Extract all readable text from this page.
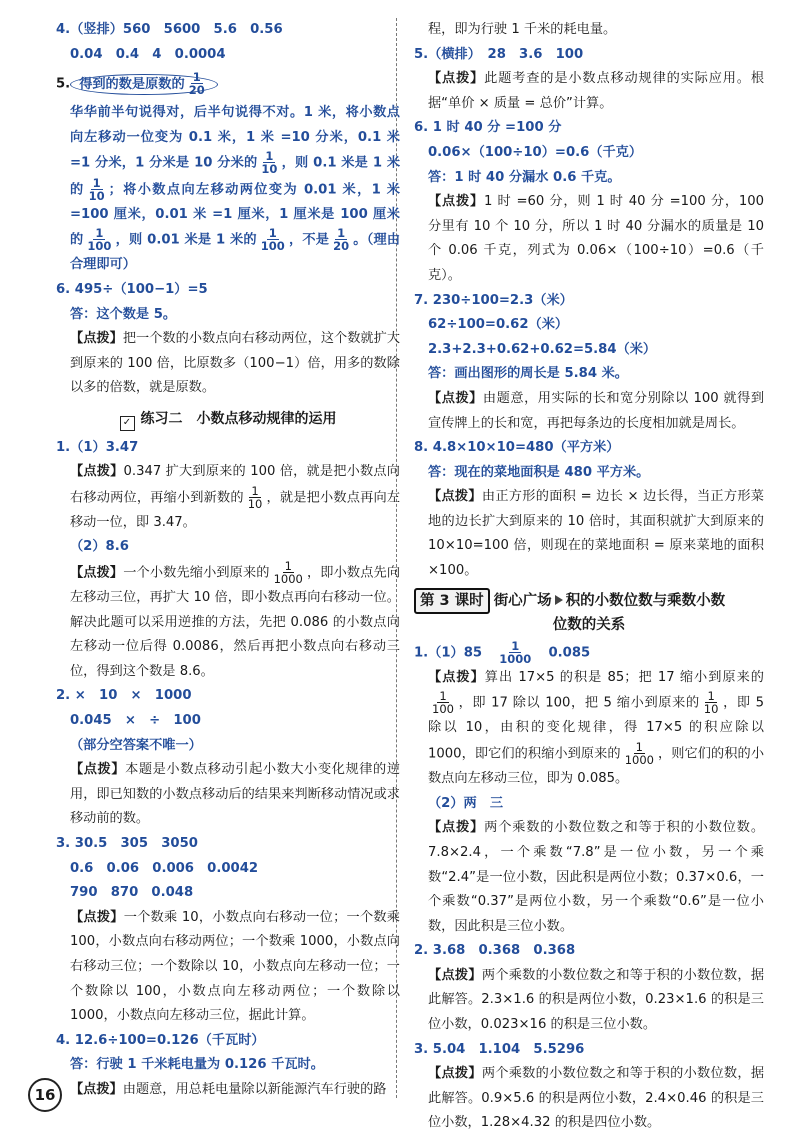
4.（竖排）560　5600　5.6　0.56

0.04　0.4　4　0.0004

5. 得到的数是原数的 $\frac{1}{20}$

华华前半句说得对，后半句说得不对。1 米，将小数点向左移动一位变为 0.1 米，1 米 =10 分米，0.1 米 =1 分米，1 分米是 10 分米的 $\frac{1}{10}$ ，则 0.1 米是 1 米的 $\frac{1}{10}$ ；将小数点向左移动两位变为 0.01 米，1 米 =100 厘米，0.01 米 =1 厘米，1 厘米是 100 厘米的 $\frac{1}{100}$ ，则 0.01 米是 1 米的 $\frac{1}{100}$ ，不是 $\frac{1}{20}$ 。（理由合理即可）

6. 495÷（100−1）=5

答：这个数是 5。

【点拨】把一个数的小数点向右移动两位，这个数就扩大到原来的 100 倍，比原数多（100−1）倍，用多的数除以多的倍数，就是原数。

✓ 练习二　小数点移动规律的运用

1.（1）3.47

【点拨】0.347 扩大到原来的 100 倍，就是把小数点向右移动两位，再缩小到新数的 $\frac{1}{10}$ ，就是把小数点再向左移动一位，即 3.47。

（2）8.6

【点拨】一个小数先缩小到原来的 $\frac{1}{1000}$ ，即小数点先向左移动三位，再扩大 10 倍，即小数点再向右移动一位。解决此题可以采用逆推的方法，先把 0.086 的小数点向左移动一位后得 0.0086，然后再把小数点向右移动三位，得到这个数是 8.6。

2. ×　10　×　1000

0.045　×　÷　100

（部分空答案不唯一）

【点拨】本题是小数点移动引起小数大小变化规律的逆用，即已知数的小数点移动后的结果来判断移动情况或求移动前的数。

3. 30.5　305　3050

0.6　0.06　0.006　0.0042

790　870　0.048

【点拨】一个数乘 10，小数点向右移动一位；一个数乘 100，小数点向右移动两位；一个数乘 1000，小数点向右移动三位；一个数除以 10，小数点向左移动一位；一个数除以 100，小数点向左移动两位；一个数除以 1000，小数点向左移动三位，据此计算。

4. 12.6÷100=0.126（千瓦时）

答：行驶 1 千米耗电量为 0.126 千瓦时。

【点拨】由题意，用总耗电量除以新能源汽车行驶的路

程，即为行驶 1 千米的耗电量。

5.（横排）　28　3.6　100

【点拨】此题考查的是小数点移动规律的实际应用。根据“单价 × 质量 = 总价”计算。

6. 1 时 40 分 =100 分

0.06×（100÷10）=0.6（千克）

答：1 时 40 分漏水 0.6 千克。

【点拨】1 时 =60 分，则 1 时 40 分 =100 分，100 分里有 10 个 10 分，所以 1 时 40 分漏水的质量是 10 个 0.06 千克，列式为 0.06×（100÷10）=0.6（千克）。

7. 230÷100=2.3（米）

62÷100=0.62（米）

2.3+2.3+0.62+0.62=5.84（米）

答：画出图形的周长是 5.84 米。

【点拨】由题意，用实际的长和宽分别除以 100 就得到宣传牌上的长和宽，再把每条边的长度相加就是周长。

8. 4.8×10×10=480（平方米）

答：现在的菜地面积是 480 平方米。

【点拨】由正方形的面积 = 边长 × 边长得，当正方形菜地的边长扩大到原来的 10 倍时，其面积就扩大到原来的 10×10=100 倍，则现在的菜地面积 = 原来菜地的面积 ×100。

第 3 课时 街心广场 积的小数位数与乘数小数
位数的关系

1.（1）85　 $\frac{1}{1000}$
　 0.085

【点拨】算出 17×5 的积是 85；把 17 缩小到原来的
$\frac{1}{100}$ ，即 17 除以 100，把 5 缩小到原来的 $\frac{1}{10}$ ，即 5 除以 10，由积的变化规律，得 17×5 的积应除以 1000，即它们的积缩小到原来的 $\frac{1}{1000}$ ，则它们的积的小数点向左移动三位，即为 0.085。

（2）两　三

【点拨】两个乘数的小数位数之和等于积的小数位数。7.8×2.4，一个乘数“7.8”是一位小数，另一个乘数“2.4”是一位小数，因此积是两位小数；0.37×0.6，一个乘数“0.37”是两位小数，另一个乘数“0.6”是一位小数，因此积是三位小数。

2. 3.68　0.368　0.368

【点拨】两个乘数的小数位数之和等于积的小数位数，据此解答。2.3×1.6 的积是两位小数，0.23×1.6 的积是三位小数，0.023×16 的积是三位小数。

3. 5.04　1.104　5.5296

【点拨】两个乘数的小数位数之和等于积的小数位数，据此解答。0.9×5.6 的积是两位小数，2.4×0.46 的积是三位小数，1.28×4.32 的积是四位小数。

16
